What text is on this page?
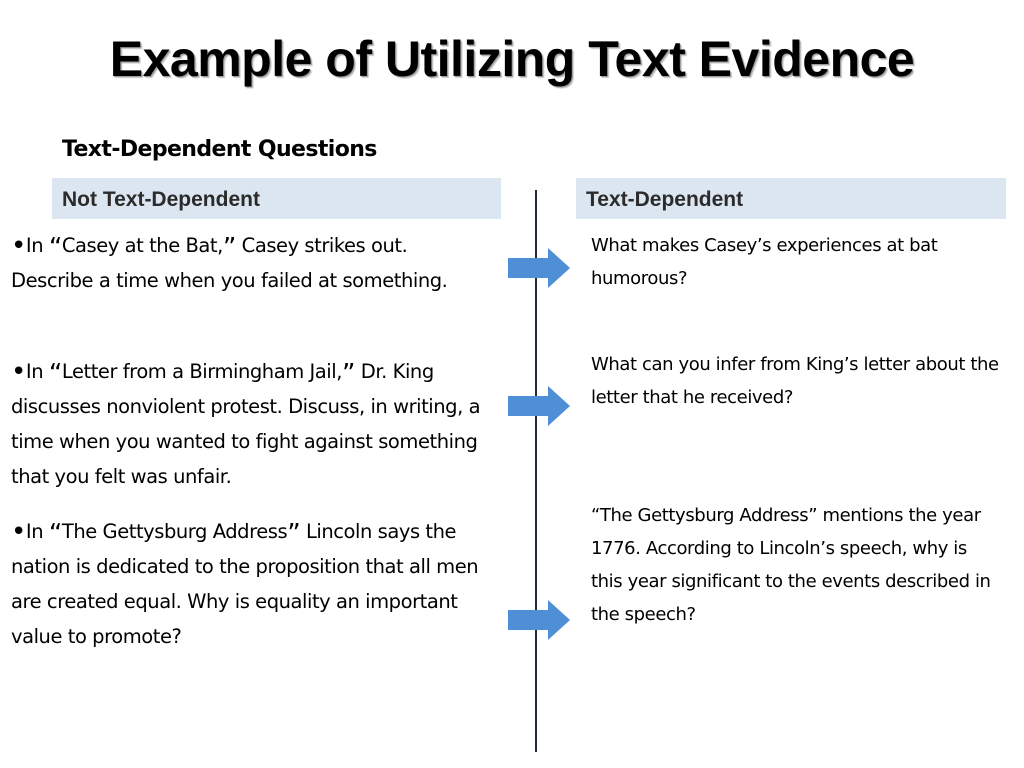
Example of Utilizing Text Evidence
Text-Dependent Questions
Not Text-Dependent	Text-Dependent

•In “Casey at the Bat,” Casey strikes out. Describe a time when you failed at something.

•In “Letter from a Birmingham Jail,” Dr. King discusses nonviolent protest. Discuss, in writing, a time when you wanted to fight against something that you felt was unfair.

•In “The Gettysburg Address” Lincoln says the nation is dedicated to the proposition that all men are created equal. Why is equality an important value to promote?

What makes Casey’s experiences at bat humorous?

What can you infer from King’s letter about the letter that he received?

“The Gettysburg Address” mentions the year 1776. According to Lincoln’s speech, why is this year significant to the events described in the speech?
